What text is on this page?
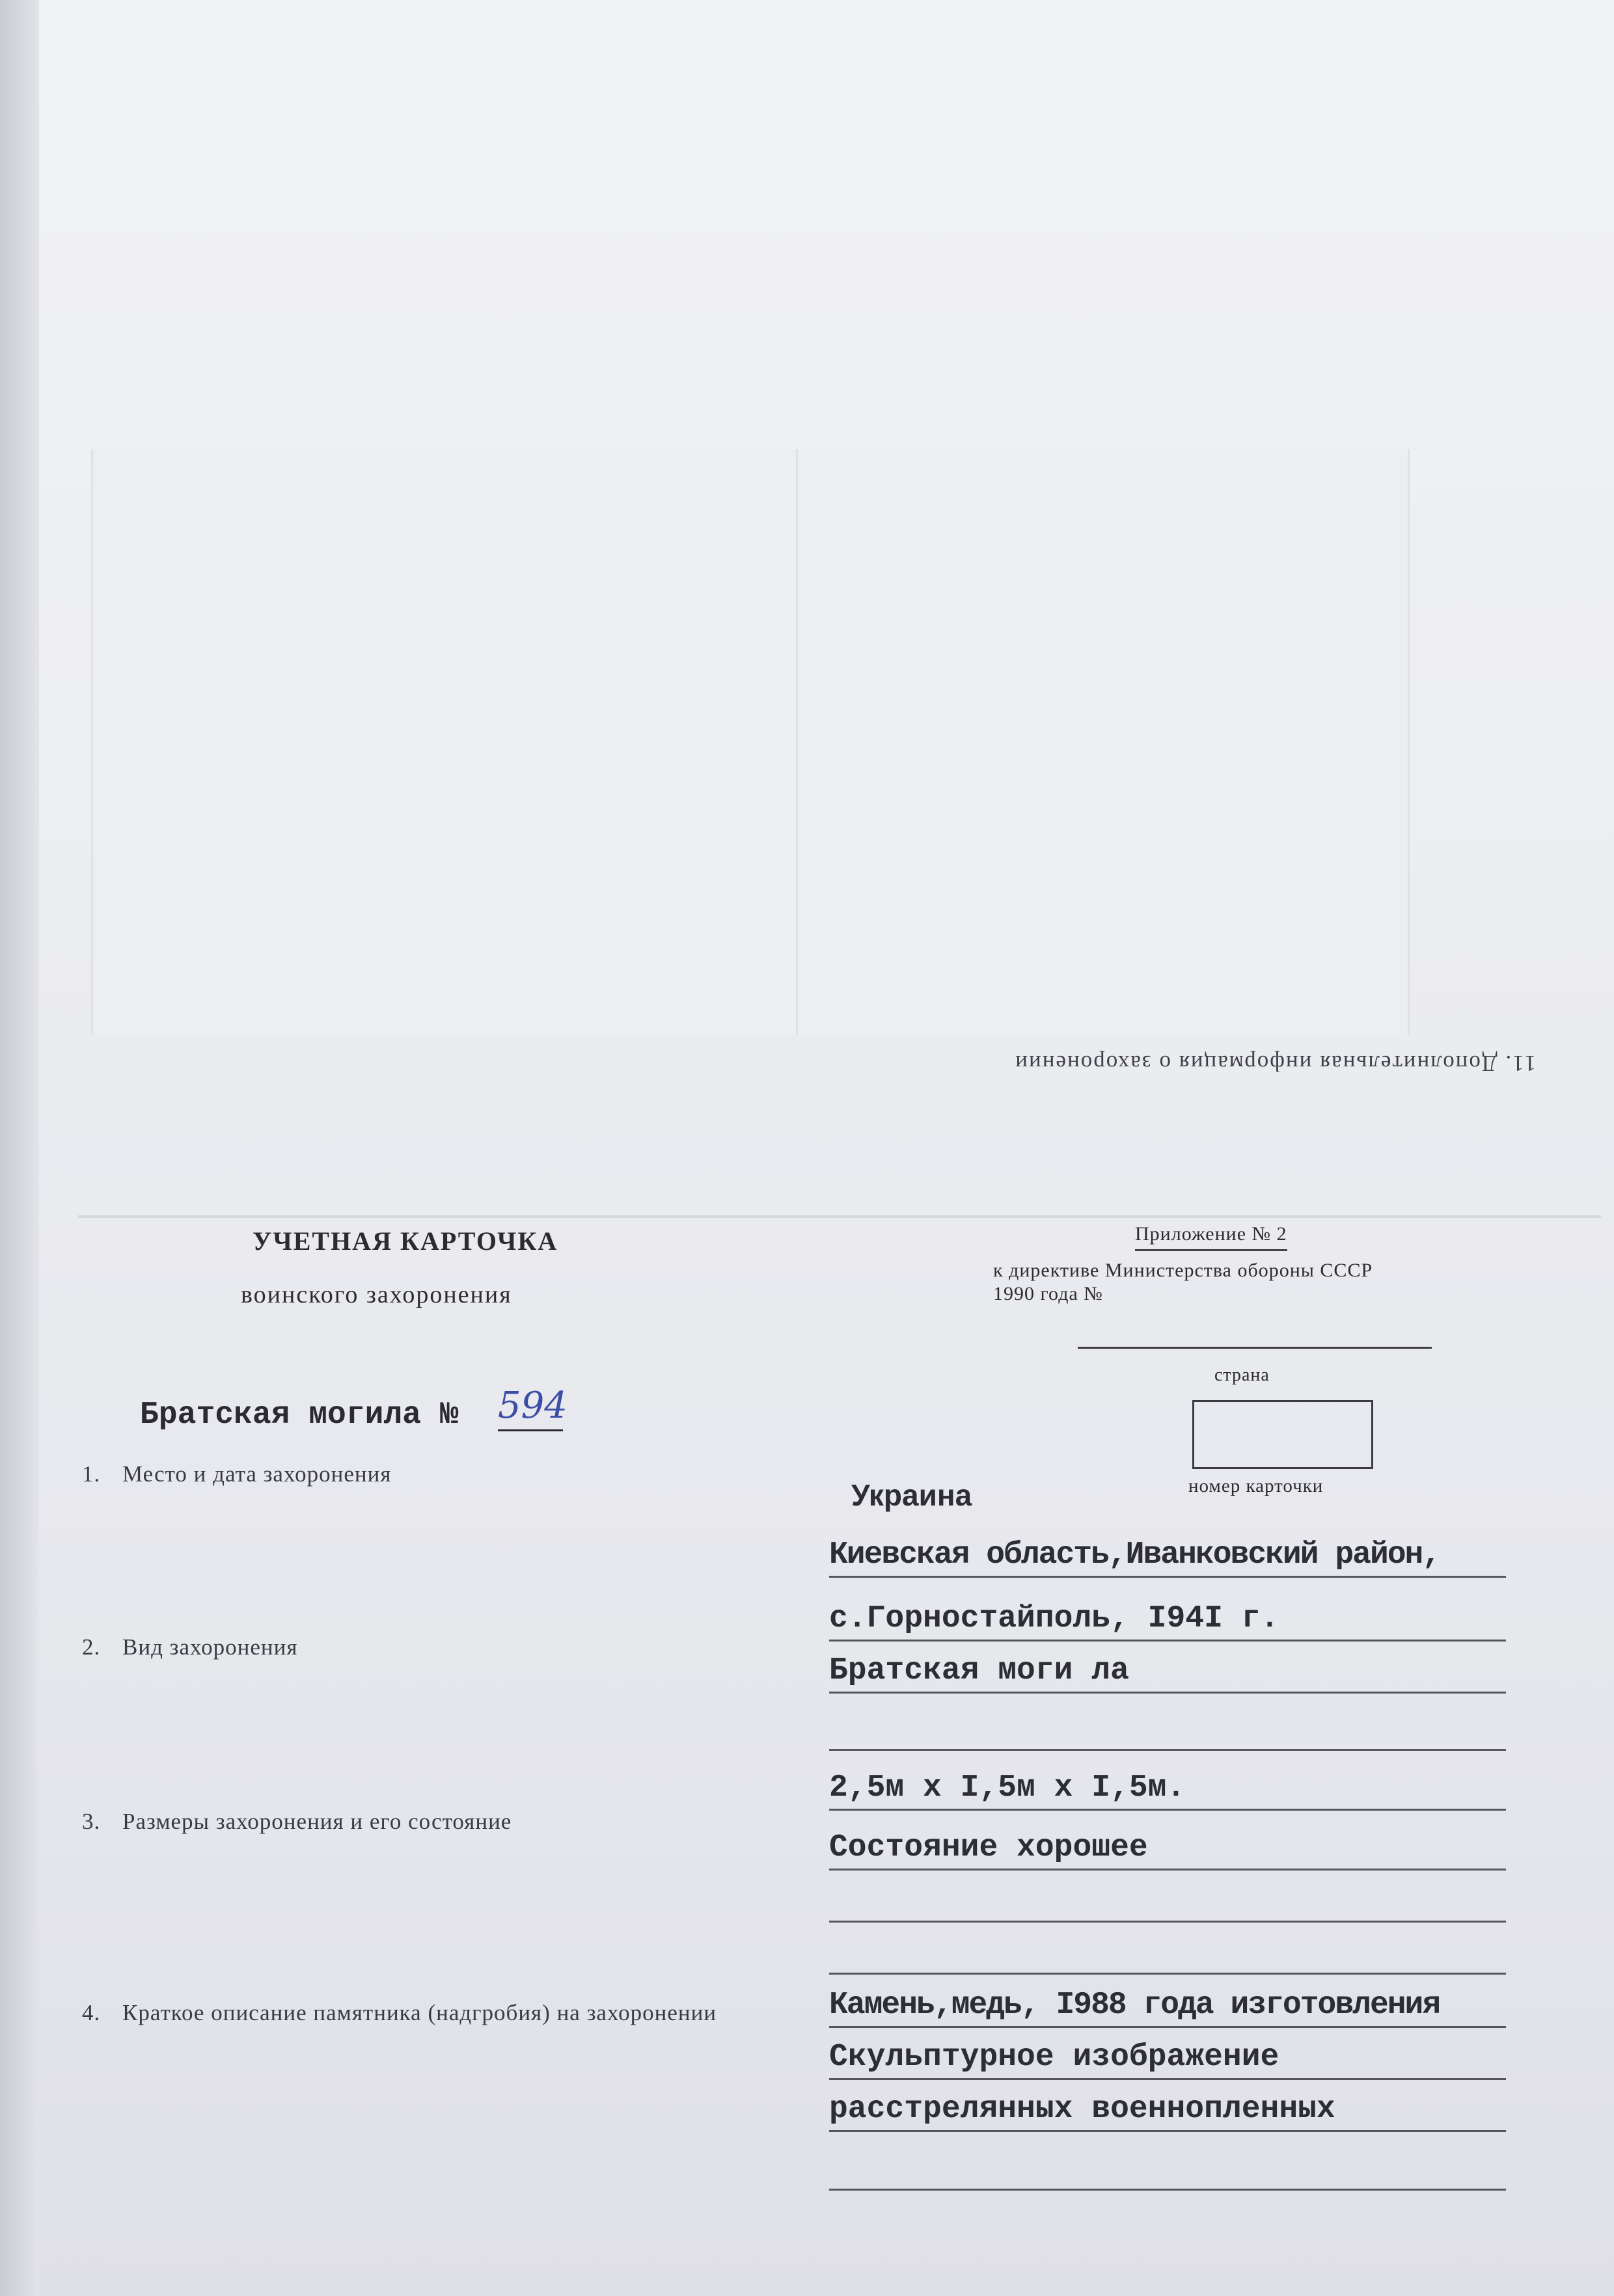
11. Дополнительная информация о захоронении
УЧЕТНАЯ КАРТОЧКА
воинского захоронения
Приложение № 2
к директиве Министерства обороны СССР
1990 года №
страна
номер карточки
Братская могила № 594
1. Место и дата захоронения
Украина
Киевская область,Иванковский район,
с.Горностайполь, I94I г.
2. Вид захоронения
Братская моги ла
3. Размеры захоронения и его состояние
2,5м х I,5м х I,5м.
Состояние хорошее
4. Краткое описание памятника (надгробия) на захоронении	Камень,медь, I988 года изготовления
Скульптурное изображение
расстрелянных военнопленных
